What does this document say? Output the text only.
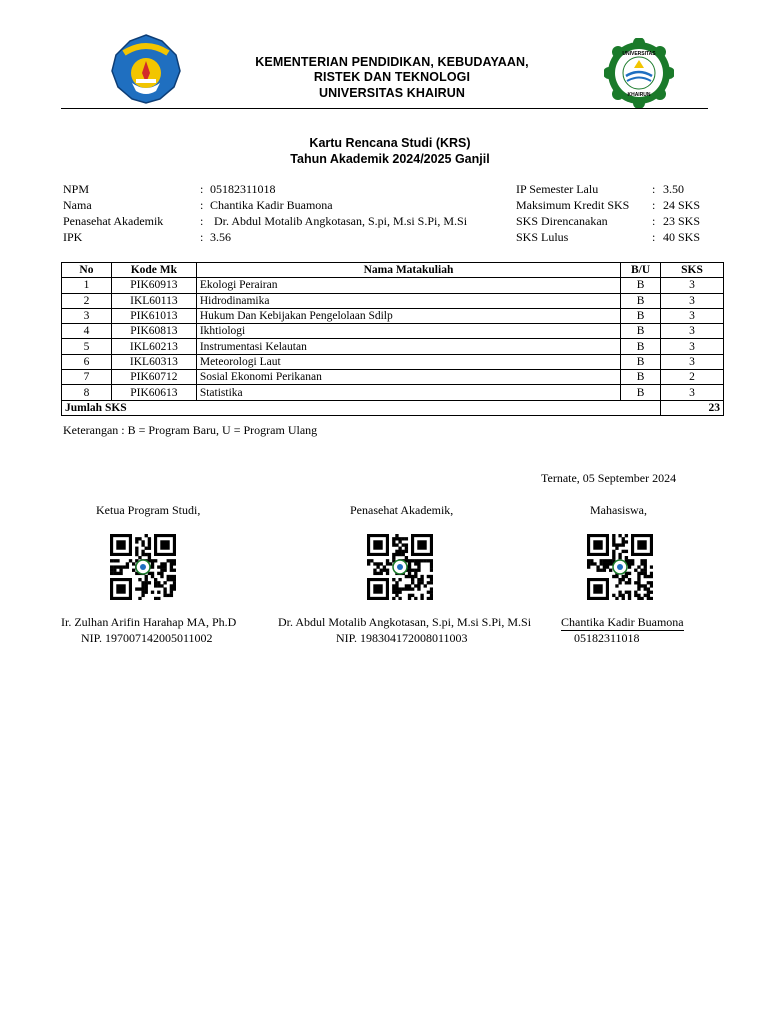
KEMENTERIAN PENDIDIKAN, KEBUDAYAAN,
RISTEK DAN TEKNOLOGI
UNIVERSITAS KHAIRUN
UNIVERSITAS
KHAIRUN
Kartu Rencana Studi (KRS)
Tahun Akademik 2024/2025 Ganjil
NPM	: 05182311018
Nama	: Chantika Kadir Buamona
Penasehat Akademik	: Dr. Abdul Motalib Angkotasan, S.pi, M.si S.Pi, M.Si
IPK	: 3.56
IP Semester Lalu	: 3.50
Maksimum Kredit SKS : 24 SKS
SKS Direncanakan	: 23 SKS
SKS Lulus	: 40 SKS
No	Kode Mk	Nama Matakuliah	B/U	SKS
1	PIK60913	Ekologi Perairan	B	3
2	IKL60113	Hidrodinamika	B	3
3	PIK61013	Hukum Dan Kebijakan Pengelolaan Sdilp	B	3
4	PIK60813	Ikhtiologi	B	3
5	IKL60213	Instrumentasi Kelautan	B	3
6	IKL60313	Meteorologi Laut	B	3
7	PIK60712	Sosial Ekonomi Perikanan	B	2
8	PIK60613	Statistika	B	3
Jumlah SKS				23
Keterangan : B = Program Baru, U = Program Ulang
Ternate, 05 September 2024
Ketua Program Studi,	Penasehat Akademik,	Mahasiswa,
Ir. Zulhan Arifin Harahap MA, Ph.D
NIP. 197007142005011002
Dr. Abdul Motalib Angkotasan, S.pi, M.si S.Pi, M.Si
NIP. 198304172008011003
Chantika Kadir Buamona
05182311018
